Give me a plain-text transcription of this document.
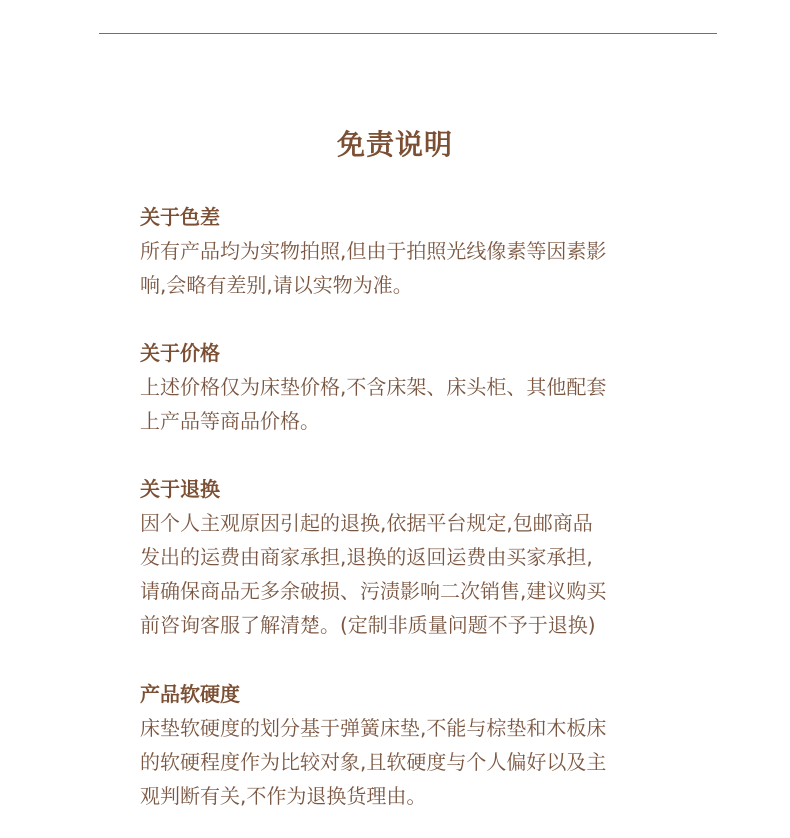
免责说明

关于色差

所有产品均为实物拍照,但由于拍照光线像素等因素影

响,会略有差别,请以实物为准。

关于价格

上述价格仅为床垫价格,不含床架、床头柜、其他配套

上产品等商品价格。

关于退换

因个人主观原因引起的退换,依据平台规定,包邮商品

发出的运费由商家承担,退换的返回运费由买家承担,

请确保商品无多余破损、污渍影响二次销售,建议购买

前咨询客服了解清楚。(定制非质量问题不予于退换)

产品软硬度

床垫软硬度的划分基于弹簧床垫,不能与棕垫和木板床

的软硬程度作为比较对象,且软硬度与个人偏好以及主

观判断有关,不作为退换货理由。
